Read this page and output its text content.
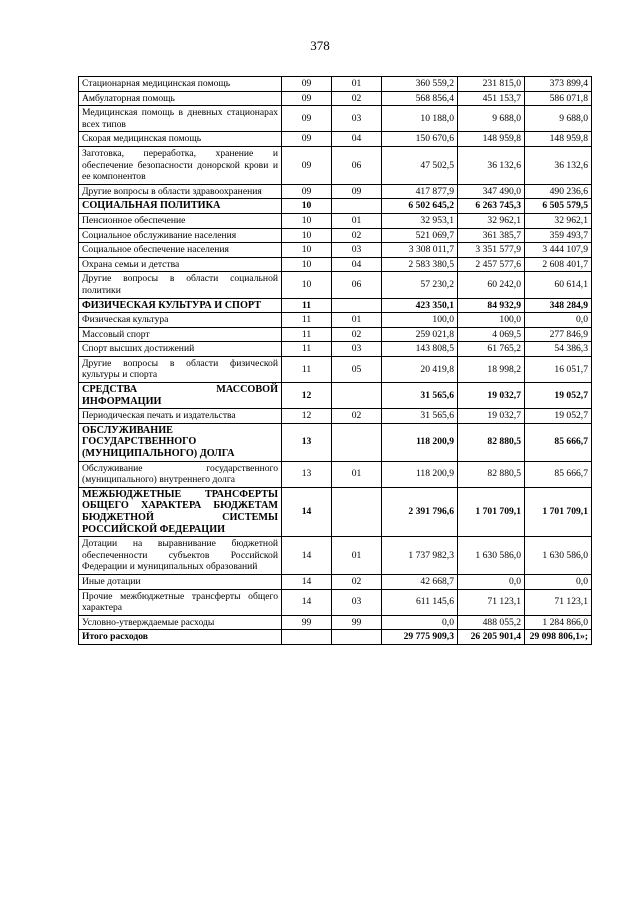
378
Стационарная медицинская помощь	09	01	360 559,2	231 815,0	373 899,4
Амбулаторная помощь	09	02	568 856,4	451 153,7	586 071,8
Медицинская помощь в дневных стационарах всех типов	09	03	10 188,0	9 688,0	9 688,0
Скорая медицинская помощь	09	04	150 670,6	148 959,8	148 959,8
Заготовка, переработка, хранение и обеспечение безопасности донорской крови и ее компонентов	09	06	47 502,5	36 132,6	36 132,6
Другие вопросы в области здравоохранения	09	09	417 877,9	347 490,0	490 236,6
СОЦИАЛЬНАЯ ПОЛИТИКА	10		6 502 645,2	6 263 745,3	6 505 579,5
Пенсионное обеспечение	10	01	32 953,1	32 962,1	32 962,1
Социальное обслуживание населения	10	02	521 069,7	361 385,7	359 493,7
Социальное обеспечение населения	10	03	3 308 011,7	3 351 577,9	3 444 107,9
Охрана семьи и детства	10	04	2 583 380,5	2 457 577,6	2 608 401,7
Другие вопросы в области социальной политики	10	06	57 230,2	60 242,0	60 614,1
ФИЗИЧЕСКАЯ КУЛЬТУРА И СПОРТ	11		423 350,1	84 932,9	348 284,9
Физическая культура	11	01	100,0	100,0	0,0
Массовый спорт	11	02	259 021,8	4 069,5	277 846,9
Спорт высших достижений	11	03	143 808,5	61 765,2	54 386,3
Другие вопросы в области физической культуры и спорта	11	05	20 419,8	18 998,2	16 051,7
СРЕДСТВА МАССОВОЙ ИНФОРМАЦИИ	12		31 565,6	19 032,7	19 052,7
Периодическая печать и издательства	12	02	31 565,6	19 032,7	19 052,7
ОБСЛУЖИВАНИЕ ГОСУДАРСТВЕННОГО (МУНИЦИПАЛЬНОГО) ДОЛГА	13		118 200,9	82 880,5	85 666,7
Обслуживание государственного (муниципального) внутреннего долга	13	01	118 200,9	82 880,5	85 666,7
МЕЖБЮДЖЕТНЫЕ ТРАНСФЕРТЫ ОБЩЕГО ХАРАКТЕРА БЮДЖЕТАМ БЮДЖЕТНОЙ СИСТЕМЫ РОССИЙСКОЙ ФЕДЕРАЦИИ	14		2 391 796,6	1 701 709,1	1 701 709,1
Дотации на выравнивание бюджетной обеспеченности субъектов Российской Федерации и муниципальных образований	14	01	1 737 982,3	1 630 586,0	1 630 586,0
Иные дотации	14	02	42 668,7	0,0	0,0
Прочие межбюджетные трансферты общего характера	14	03	611 145,6	71 123,1	71 123,1
Условно-утверждаемые расходы	99	99	0,0	488 055,2	1 284 866,0
Итого расходов			29 775 909,3	26 205 901,4	29 098 806,1»;
